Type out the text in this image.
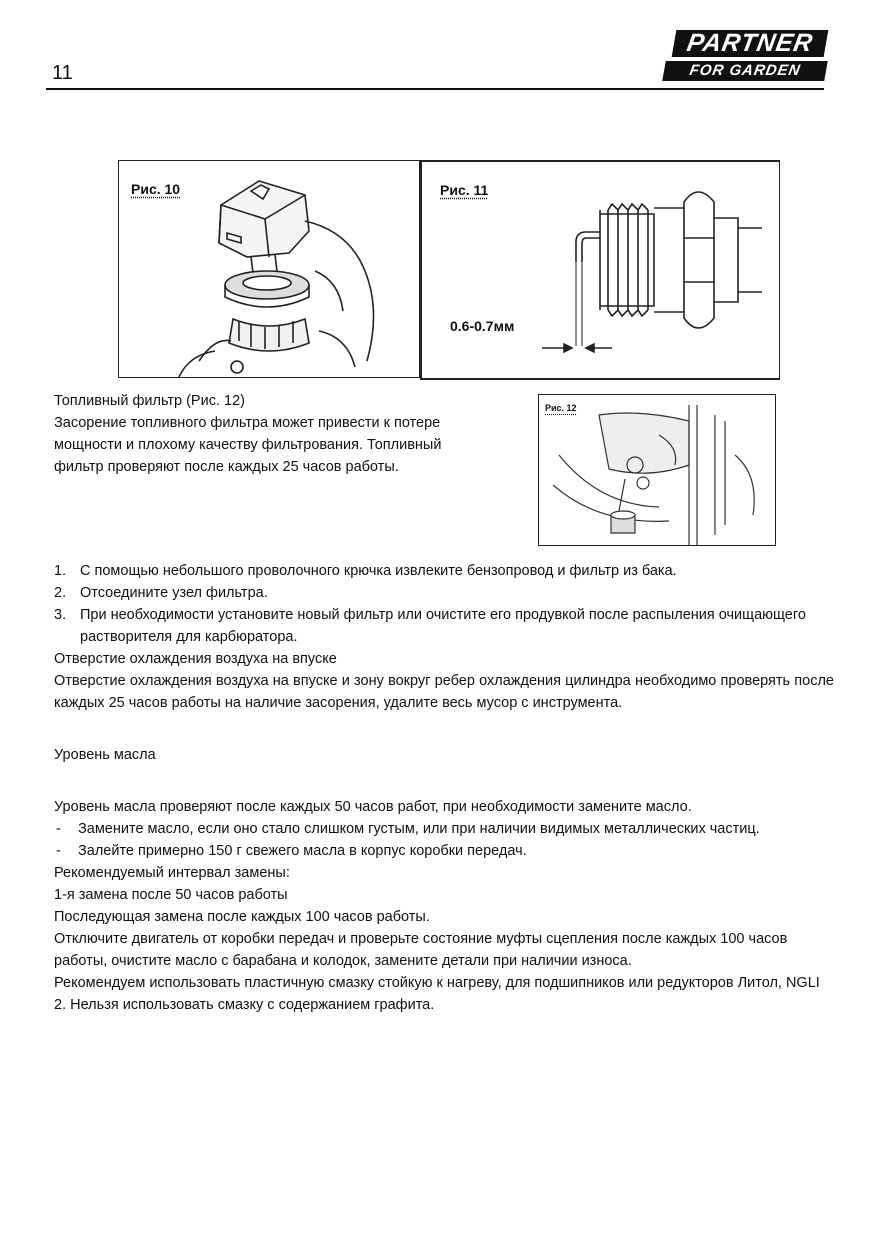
11
PARTNER
FOR GARDEN
Рис. 10	Рис. 11
0.6-0.7мм

Топливный фильтр (Рис. 12)

Засорение топливного фильтра может привести к потере мощности и плохому качеству фильтрования. Топливный фильтр проверяют после каждых 25 часов работы.

Рис. 12

1. С помощью небольшого проволочного крючка извлеките бензопровод и фильтр из бака.

2. Отсоедините узел фильтра.

3. При необходимости установите новый фильтр или очистите его продувкой после распыления очищающего растворителя для карбюратора.

Отверстие охлаждения воздуха на впуске

Отверстие охлаждения воздуха на впуске и зону вокруг ребер охлаждения цилиндра необходимо проверять после каждых 25 часов работы на наличие засорения, удалите весь мусор с инструмента.

Уровень масла

Уровень масла проверяют после каждых 50 часов работ, при необходимости замените масло.

- Замените масло, если оно стало слишком густым, или при наличии видимых металлических частиц.

- Залейте примерно 150 г свежего масла в корпус коробки передач.

Рекомендуемый интервал замены:

1-я замена после 50 часов работы

Последующая замена после каждых 100 часов работы.

Отключите двигатель от коробки передач и проверьте состояние муфты сцепления после каждых 100 часов работы, очистите масло с барабана и колодок, замените детали при наличии износа.

Рекомендуем использовать пластичную смазку стойкую к нагреву, для подшипников или редукторов Литол, NGLI 2. Нельзя использовать смазку с содержанием графита.
